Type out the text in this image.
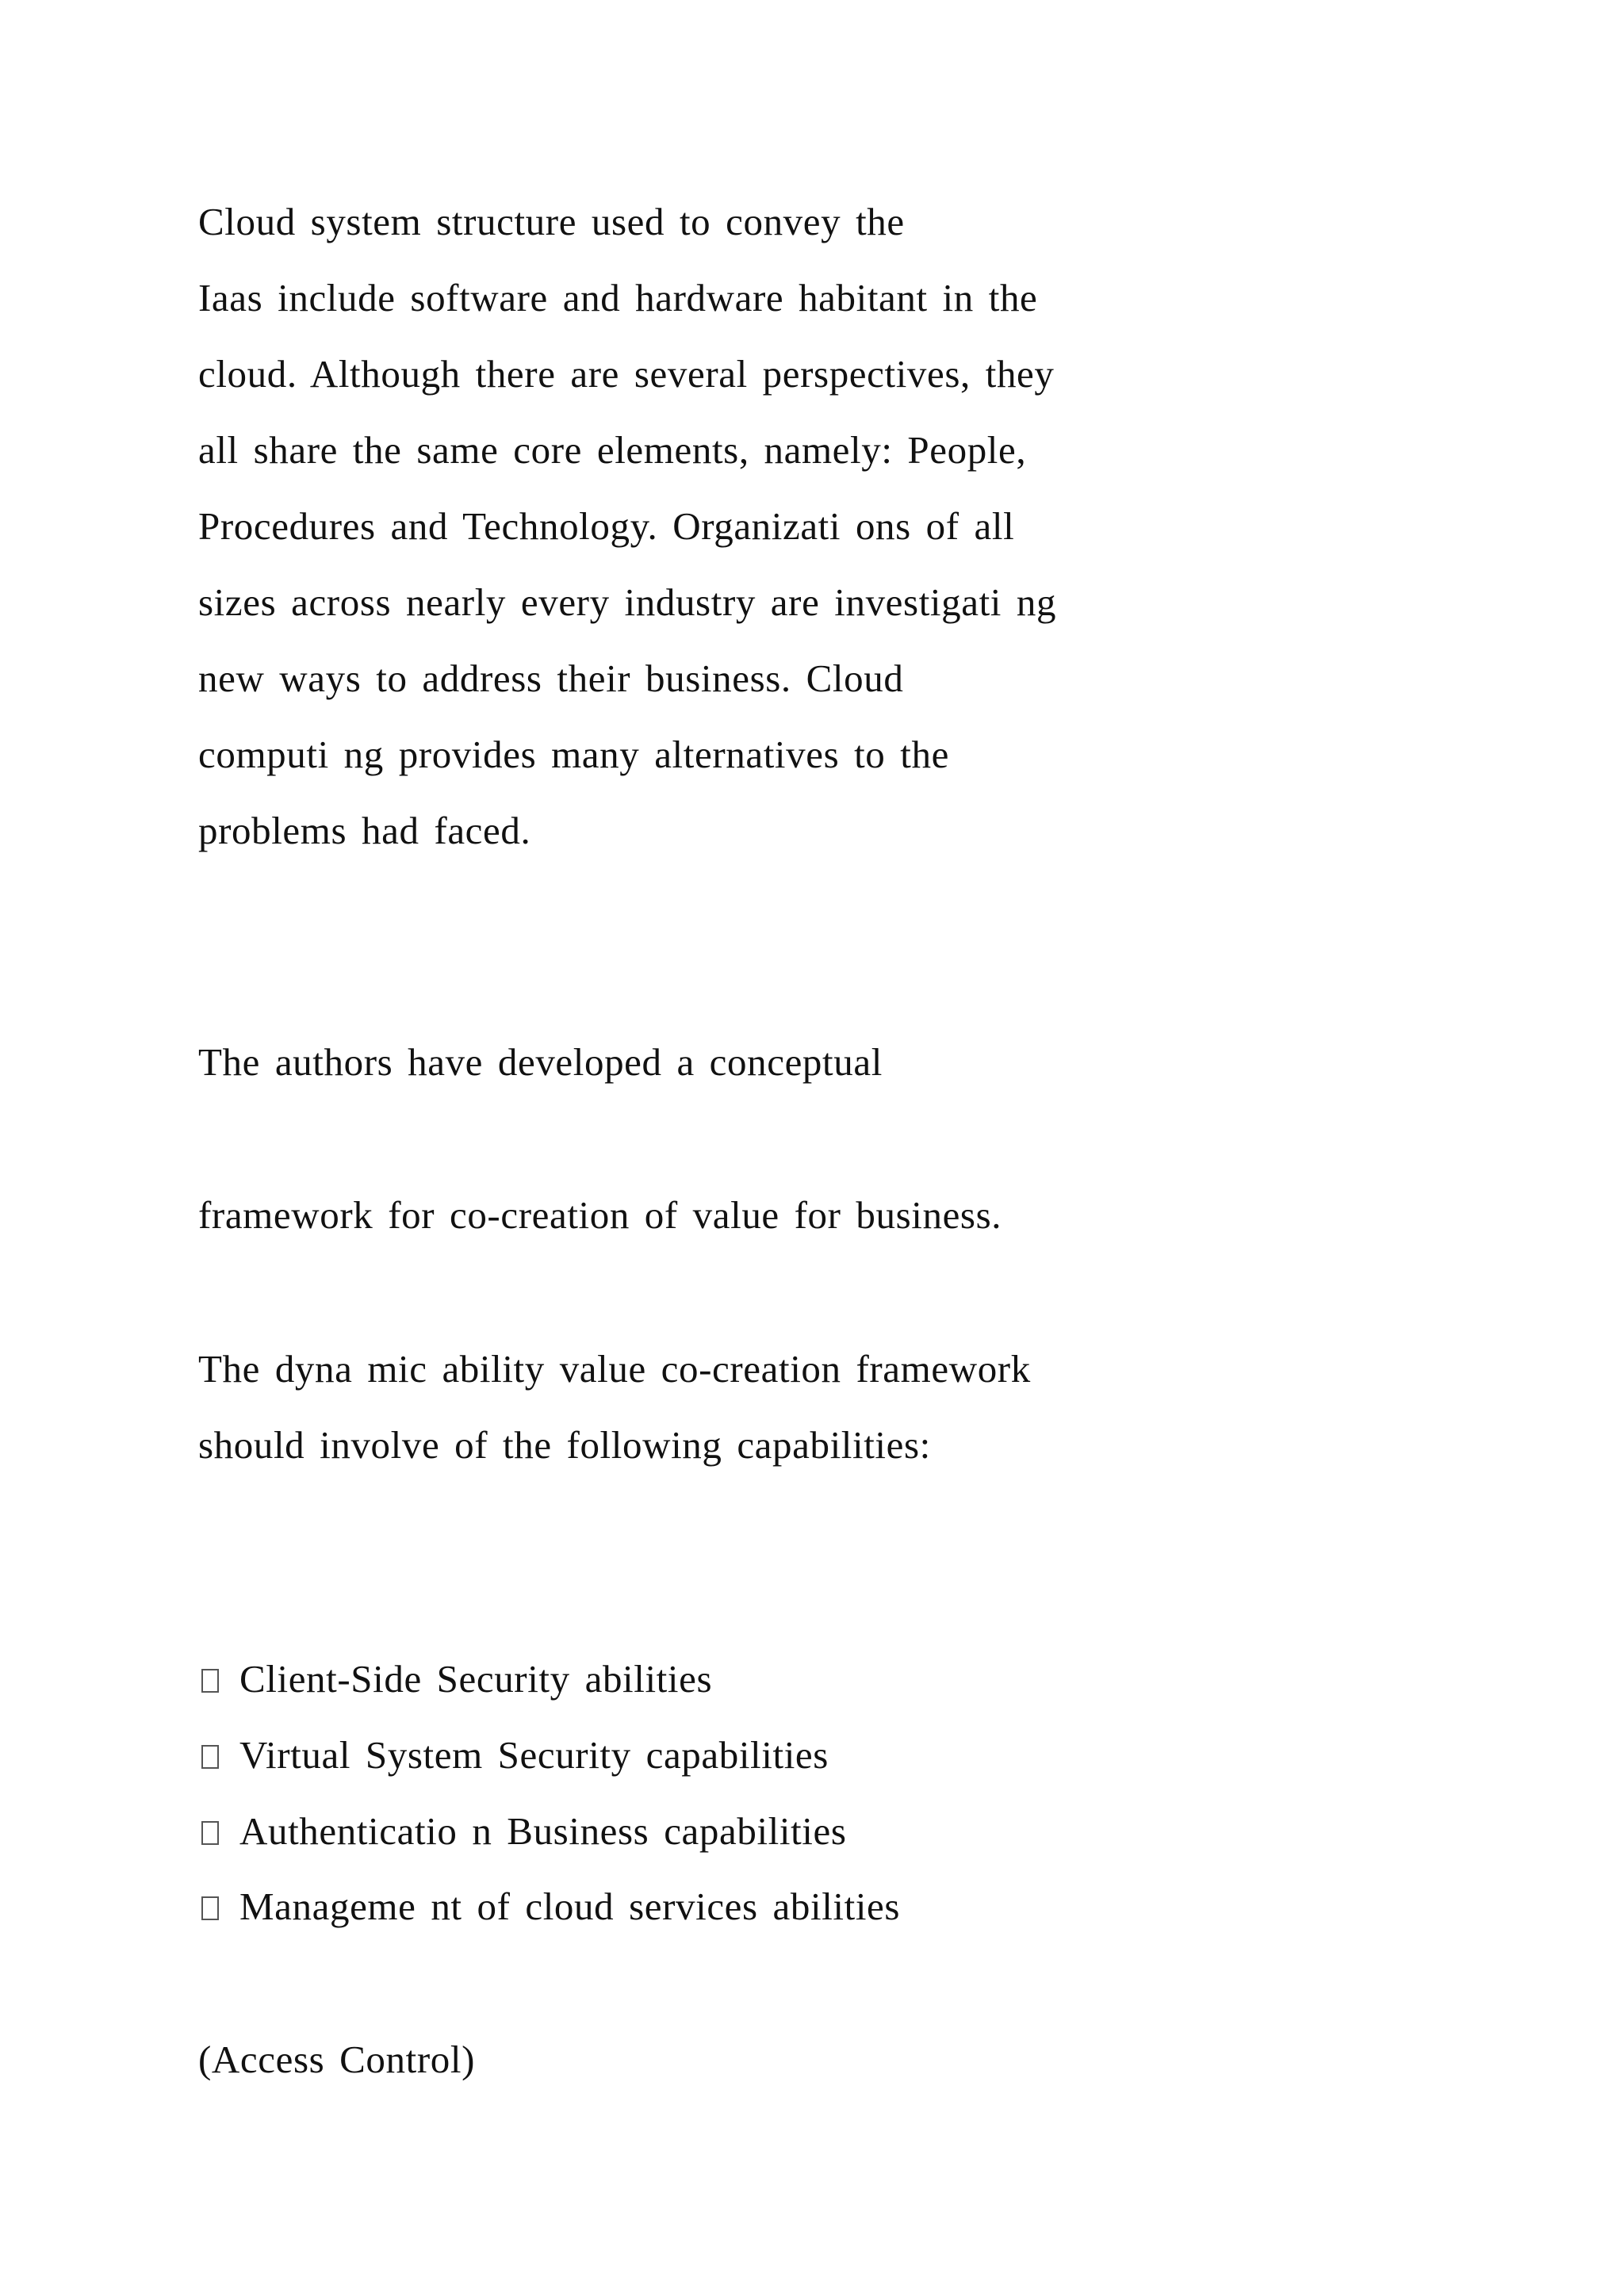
Cloud system structure used to convey the
Iaas include software and hardware habitant in the
cloud. Although there are several perspectives, they
all share the same core elements, namely: People,
Procedures and Technology. Organizati ons of all
sizes across nearly every industry are investigati ng
new ways to address their business. Cloud
computi ng provides many alternatives to the
problems had faced.
The authors have developed a conceptual
framework for co-creation of value for business.
The dyna mic ability value co-creation framework
should involve of the following capabilities:
Client-Side Security abilities
Virtual System Security capabilities
Authenticatio n Business capabilities
Manageme nt of cloud services abilities
(Access Control)
